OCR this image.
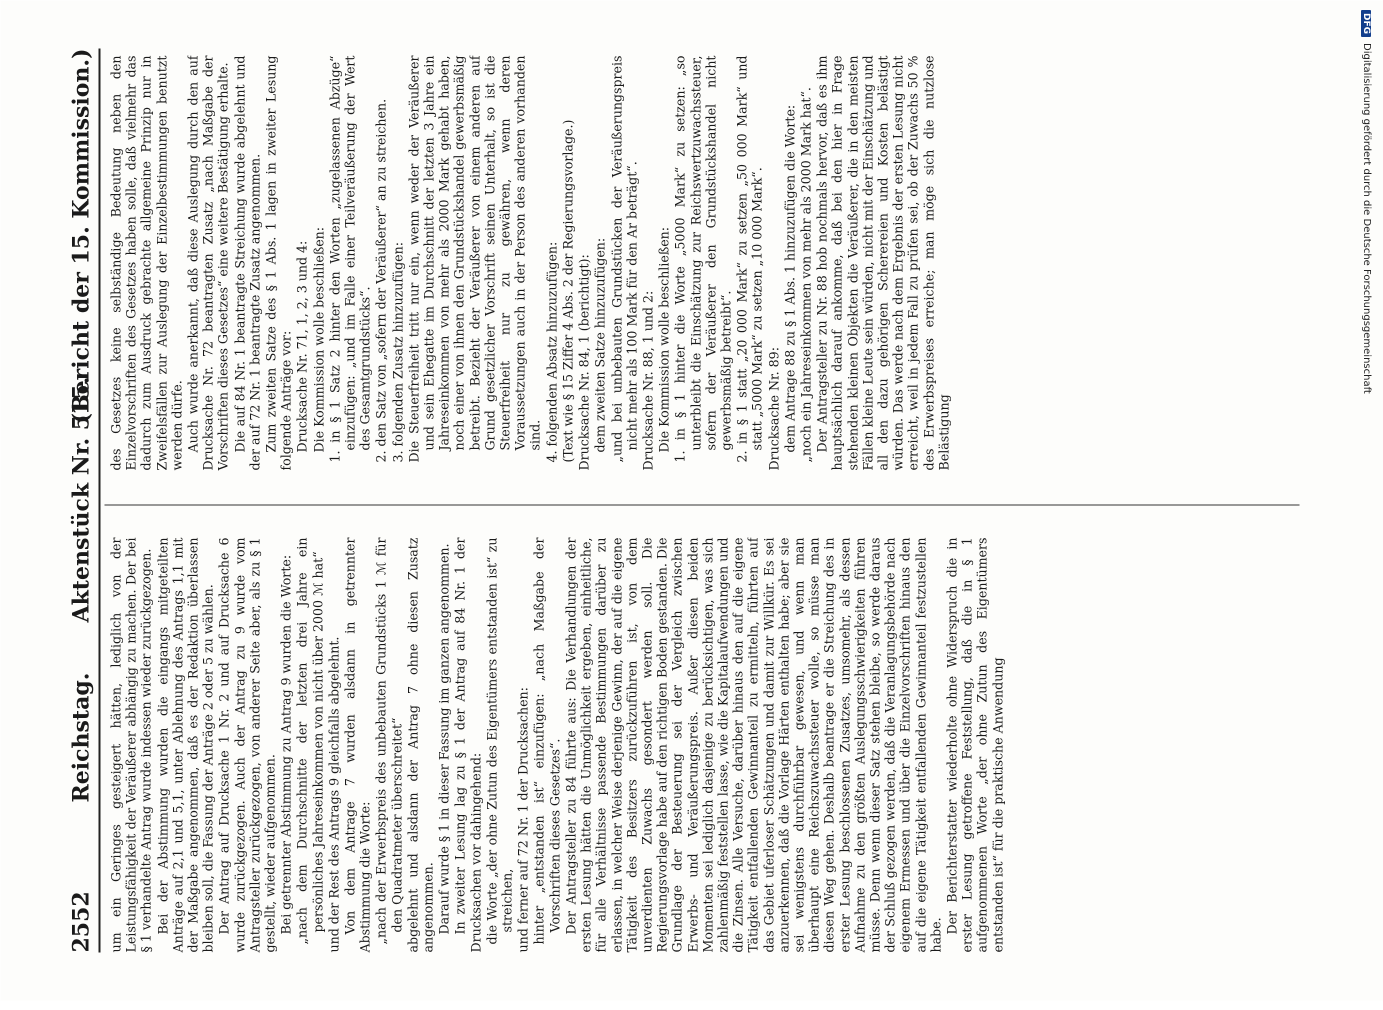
2552
Reichstag.
Aktenstück Nr. 515.
(Bericht der 15. Kommission.)

um ein Geringes gesteigert hätten, lediglich von der Leistungsfähigkeit der Veräußerer abhängig zu machen. Der bei § 1 verhandelte Antrag wurde indessen wieder zurückgezogen. Bei der Abstimmung wurden die eingangs mitgeteilten Anträge auf 2,1 und 5,1, unter Ablehnung des Antrags 1,1 mit der Maßgabe angenommen, daß es der Redaktion überlassen bleiben soll, die Fassung der Anträge 2 oder 5 zu wählen. Der Antrag auf Drucksache 1 Nr. 2 und auf Drucksache 6 wurde zurückgezogen. Auch der Antrag zu 9 wurde vom Antragsteller zurückgezogen, von anderer Seite aber, als zu § 1 gestellt, wieder aufgenommen. Bei getrennter Abstimmung zu Antrag 9 wurden die Worte: „nach dem Durchschnitte der letzten drei Jahre ein persönliches Jahreseinkommen von nicht über 2000 ℳ hat“ und der Rest des Antrags 9 gleichfalls abgelehnt. Von dem Antrage 7 wurden alsdann in getrennter Abstimmung die Worte: „nach der Erwerbspreis des unbebauten Grundstücks 1 ℳ für den Quadratmeter überschreitet“ abgelehnt und alsdann der Antrag 7 ohne diesen Zusatz angenommen. Darauf wurde § 1 in dieser Fassung im ganzen angenommen. In zweiter Lesung lag zu § 1 der Antrag auf 84 Nr. 1 der Drucksachen vor dahingehend: die Worte „der ohne Zutun des Eigentümers entstanden ist“ zu streichen, und ferner auf 72 Nr. 1 der Drucksachen: hinter „entstanden ist“ einzufügen: „nach Maßgabe der Vorschriften dieses Gesetzes“. Der Antragsteller zu 84 führte aus: Die Verhandlungen der ersten Lesung hätten die Unmöglichkeit ergeben, einheitliche, für alle Verhältnisse passende Bestimmungen darüber zu erlassen, in welcher Weise derjenige Gewinn, der auf die eigene Tätigkeit des Besitzers zurückzuführen ist, von dem unverdienten Zuwachs gesondert werden soll. Die Regierungsvorlage habe auf den richtigen Boden gestanden. Die Grundlage der Besteuerung sei der Vergleich zwischen Erwerbs- und Veräußerungspreis. Außer diesen beiden Momenten sei lediglich dasjenige zu berücksichtigen, was sich zahlenmäßig feststellen lasse, wie die Kapitalaufwendungen und die Zinsen. Alle Versuche, darüber hinaus den auf die eigene Tätigkeit entfallenden Gewinnanteil zu ermitteln, führten auf das Gebiet uferloser Schätzungen und damit zur Willkür. Es sei anzuerkennen, daß die Vorlage Härten enthalten habe; aber sie sei wenigstens durchführbar gewesen, und wenn man überhaupt eine Reichszuwachssteuer wolle, so müsse man diesen Weg gehen. Deshalb beantrage er die Streichung des in erster Lesung beschlossenen Zusatzes, umsomehr, als dessen Aufnahme zu den größten Auslegungsschwierigkeiten führen müsse. Denn wenn dieser Satz stehen bleibe, so werde daraus der Schluß gezogen werden, daß die Veranlagungsbehörde nach eigenem Ermessen und über die Einzelvorschriften hinaus den auf die eigene Tätigkeit entfallenden Gewinnanteil festzustellen habe.

Der Berichterstatter wiederholte ohne Widerspruch die in erster Lesung getroffene Feststellung, daß die in § 1 aufgenommenen Worte „der ohne Zutun des Eigentümers entstanden ist“ für die praktische Anwendung

des Gesetzes keine selbständige Bedeutung neben den Einzelvorschriften des Gesetzes haben solle, daß vielmehr das dadurch zum Ausdruck gebrachte allgemeine Prinzip nur in Zweifelsfällen zur Auslegung der Einzelbestimmungen benutzt werden dürfe. Auch wurde anerkannt, daß diese Auslegung durch den auf Drucksache Nr. 72 beantragten Zusatz „nach Maßgabe der Vorschriften dieses Gesetzes“ eine weitere Bestätigung erhalte. Die auf 84 Nr. 1 beantragte Streichung wurde abgelehnt und der auf 72 Nr. 1 beantragte Zusatz angenommen. Zum zweiten Satze des § 1 Abs. 1 lagen in zweiter Lesung folgende Anträge vor: Drucksache Nr. 71, 1, 2, 3 und 4: Die Kommission wolle beschließen: 1. in § 1 Satz 2 hinter den Worten „zugelassenen Abzüge“ einzufügen: „und im Falle einer Teilveräußerung der Wert des Gesamtgrundstücks“. 2. den Satz von „sofern der Veräußerer“ an zu streichen. 3. folgenden Zusatz hinzuzufügen: Die Steuerfreiheit tritt nur ein, wenn weder der Veräußerer und sein Ehegatte im Durchschnitt der letzten 3 Jahre ein Jahreseinkommen von mehr als 2000 Mark gehabt haben, noch einer von ihnen den Grundstückshandel gewerbsmäßig betreibt. Bezieht der Veräußerer von einem anderen auf Grund gesetzlicher Vorschrift seinen Unterhalt, so ist die Steuerfreiheit nur zu gewähren, wenn deren Voraussetzungen auch in der Person des anderen vorhanden sind. 4. folgenden Absatz hinzuzufügen: (Text wie § 15 Ziffer 4 Abs. 2 der Regierungsvorlage.) Drucksache Nr. 84, 1 (berichtigt): dem zweiten Satze hinzuzufügen: „und bei unbebauten Grundstücken der Veräußerungspreis nicht mehr als 100 Mark für den Ar beträgt“. Drucksache Nr. 88, 1 und 2: Die Kommission wolle beschließen: 1. in § 1 hinter die Worte „5000 Mark“ zu setzen: „so unterbleibt die Einschätzung zur Reichswertzuwachssteuer, sofern der Veräußerer den Grundstückshandel nicht gewerbsmäßig betreibt“. 2. in § 1 statt „20 000 Mark“ zu setzen „50 000 Mark“ und statt „5000 Mark“ zu setzen „10 000 Mark“. Drucksache Nr. 89: dem Antrage 88 zu § 1 Abs. 1 hinzuzufügen die Worte: „noch ein Jahreseinkommen von mehr als 2000 Mark hat“. Der Antragsteller zu Nr. 88 hob nochmals hervor, daß es ihm hauptsächlich darauf ankomme, daß bei den hier in Frage stehenden kleinen Objekten die Veräußerer, die in den meisten Fällen kleine Leute sein würden, nicht mit der Einschätzung und all den dazu gehörigen Scherereien und Kosten belästigt würden. Das werde nach dem Ergebnis der ersten Lesung nicht erreicht, weil in jedem Fall zu prüfen sei, ob der Zuwachs 50 % des Erwerbspreises erreiche; man möge sich die nutzlose Belästigung

DFGDigitalisierung gefördert durch die Deutsche Forschungsgemeinschaft
